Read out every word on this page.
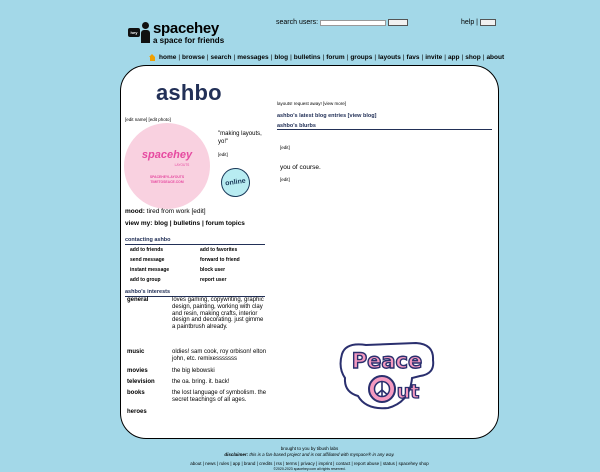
hey spacehey
a space for friends
search users:	help |
home | browse | search | messages | blog | bulletins | forum | groups | layouts | favs | invite | app | shop | about
ashbo
[edit name] [edit photo]
spacehey
LAYOUTS
SPACEHEYLAYOUTS
TIMETOSEACE.COM
"making layouts, yo!"
[edit]
online
mood: tired from work [edit]
view my: blog | bulletins | forum topics
contacting ashbo
add to friends	add to favorites
send message	forward to friend
instant message	block user
add to group	report user
ashbo's interests
general	loves gaming, copywriting, graphic design, painting, working with clay and resin, making crafts, interior design and decorating. just gimme a paintbrush already.
music	oldies! sam cook, roy orbison! elton john, etc. remixesssssss
movies	the big lebowski
television	the oa. bring. it. back!
books	the lost language of symbolism. the secret teachings of all ages.
heroes
layouts! request away! [view more]
ashbo's latest blog entries [view blog]
ashbo's blurbs
[edit]
you of course.
[edit]
Peace
ut
brought to you by tibush labs
disclaimer: this is a fan-based project and is not affiliated with myspace® in any way.
about | news | rules | app | brand | credits | rss | terms | privacy | imprint | contact | report abuse | status | spacehey shop
©2020-2023 spacehey.com all rights reserved.
